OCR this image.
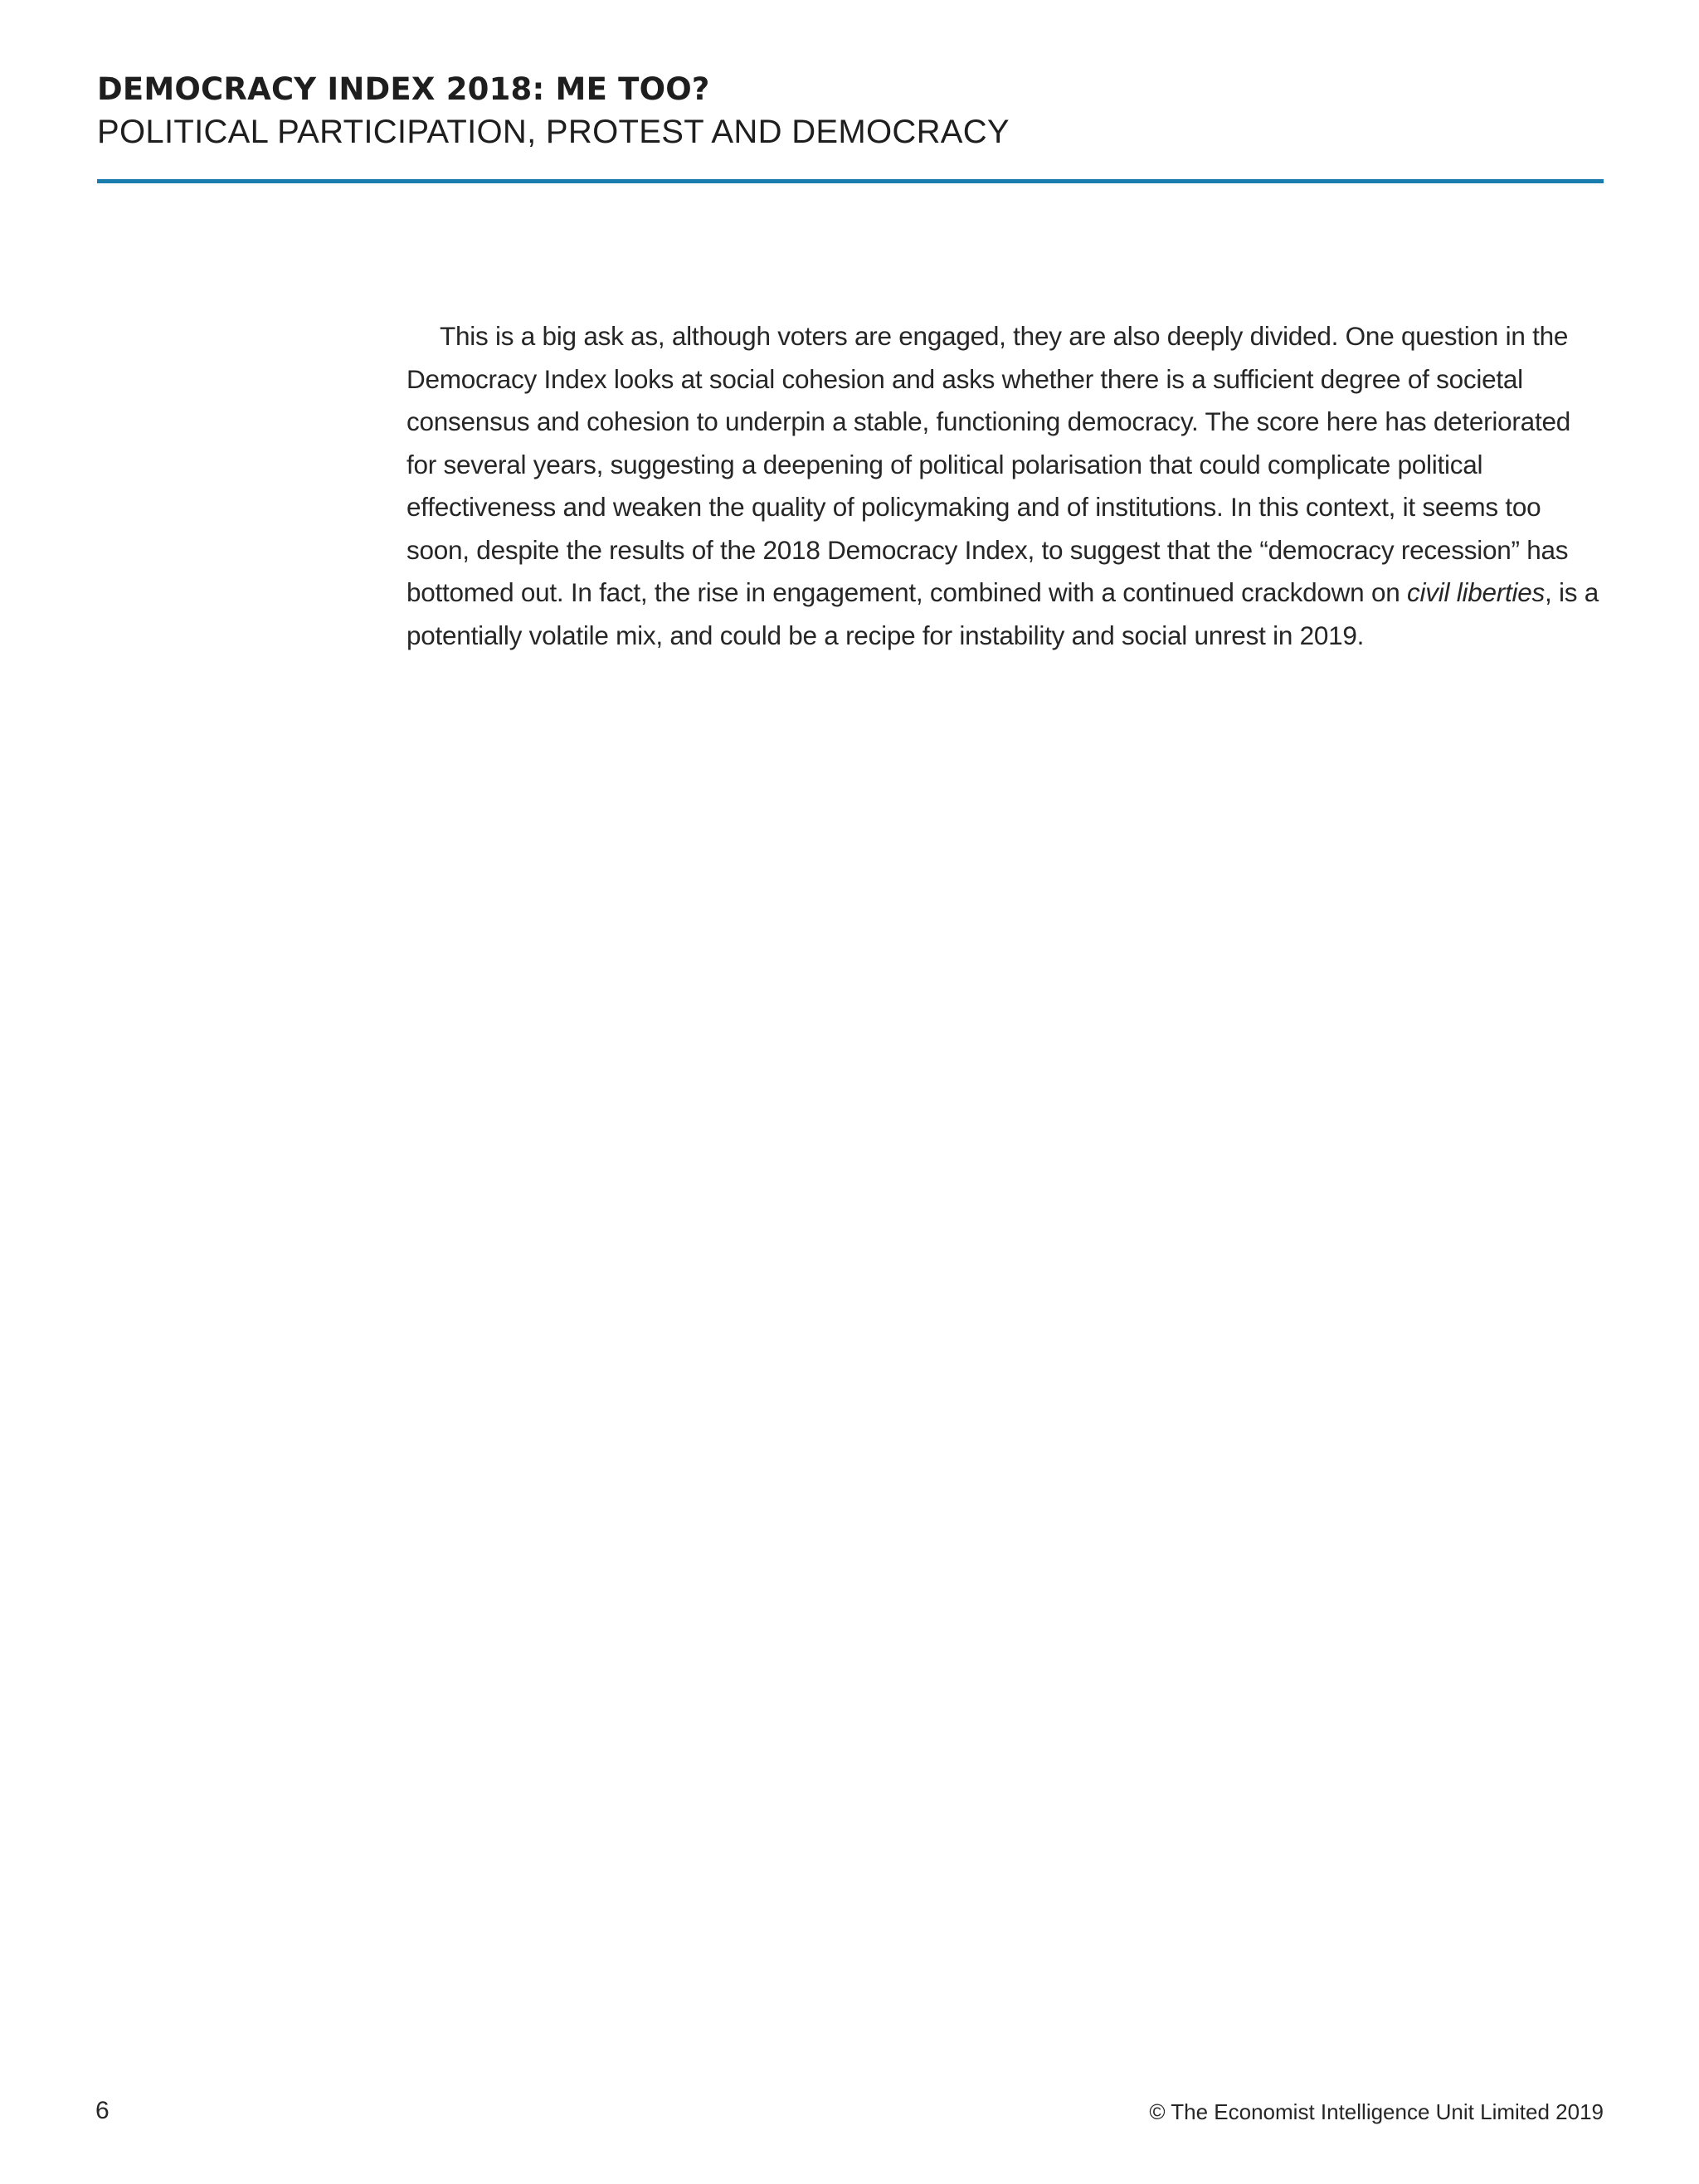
DEMOCRACY INDEX 2018: ME TOO?
POLITICAL PARTICIPATION, PROTEST AND DEMOCRACY

This is a big ask as, although voters are engaged, they are also deeply divided. One question in the Democracy Index looks at social cohesion and asks whether there is a sufficient degree of societal consensus and cohesion to underpin a stable, functioning democracy. The score here has deteriorated for several years, suggesting a deepening of political polarisation that could complicate political effectiveness and weaken the quality of policymaking and of institutions. In this context, it seems too soon, despite the results of the 2018 Democracy Index, to suggest that the “democracy recession” has bottomed out. In fact, the rise in engagement, combined with a continued crackdown on civil liberties, is a potentially volatile mix, and could be a recipe for instability and social unrest in 2019.

6	© The Economist Intelligence Unit Limited 2019
